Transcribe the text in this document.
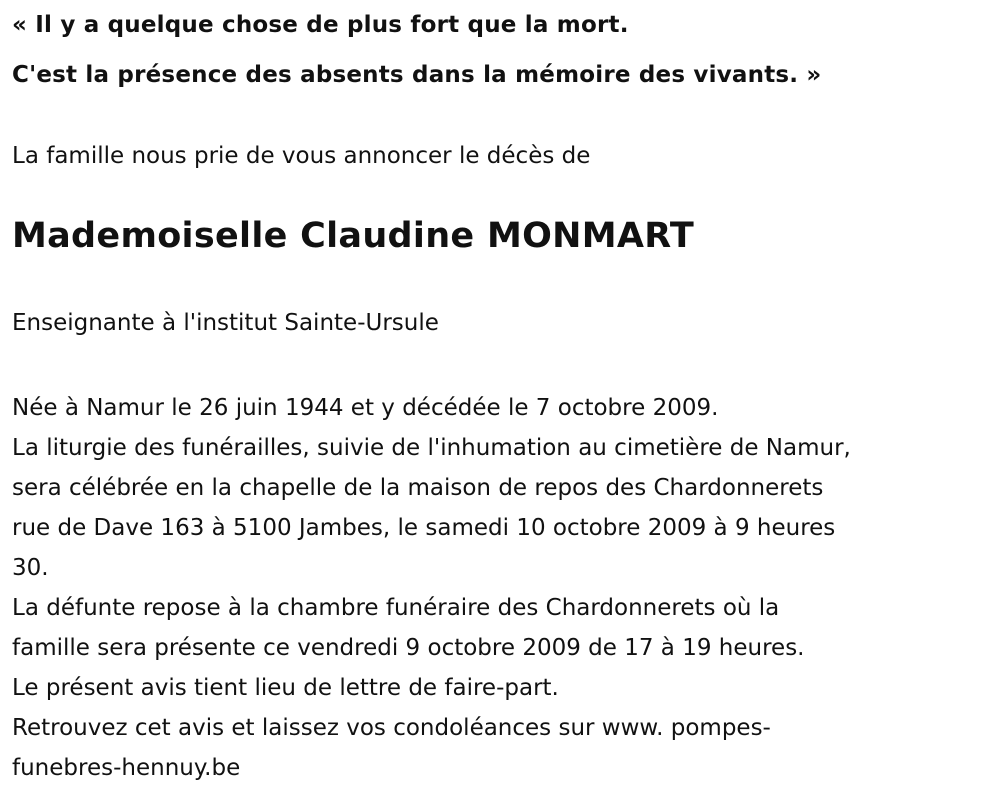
« Il y a quelque chose de plus fort que la mort.
C'est la présence des absents dans la mémoire des vivants. »
La famille nous prie de vous annoncer le décès de
Mademoiselle Claudine MONMART
Enseignante à l'institut Sainte-Ursule
Née à Namur le 26 juin 1944 et y décédée le 7 octobre 2009.
La liturgie des funérailles, suivie de l'inhumation au cimetière de Namur,
sera célébrée en la chapelle de la maison de repos des Chardonnerets
rue de Dave 163 à 5100 Jambes, le samedi 10 octobre 2009 à 9 heures
30.
La défunte repose à la chambre funéraire des Chardonnerets où la
famille sera présente ce vendredi 9 octobre 2009 de 17 à 19 heures.
Le présent avis tient lieu de lettre de faire-part.
Retrouvez cet avis et laissez vos condoléances sur www. pompes-
funebres-hennuy.be
